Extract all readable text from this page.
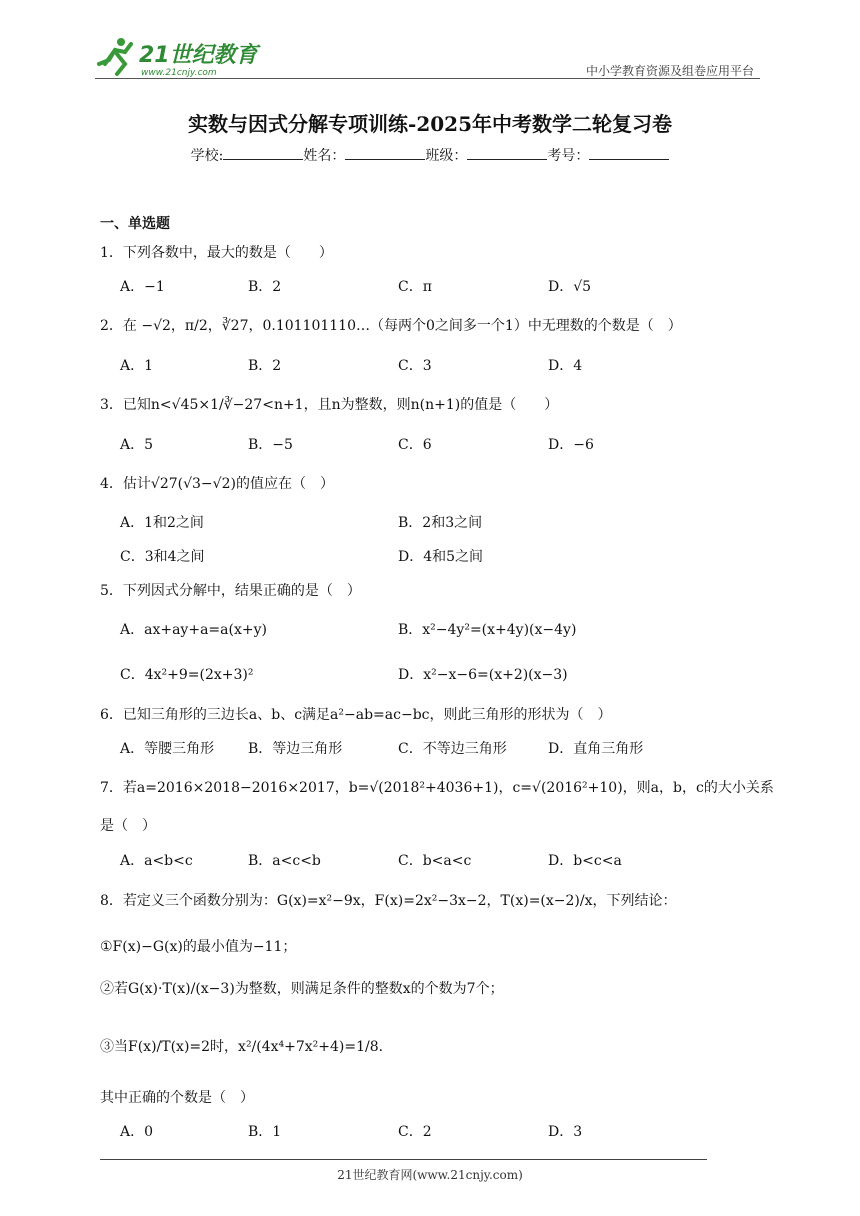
21世纪教育
www.21cnjy.com	中小学教育资源及组卷应用平台
实数与因式分解专项训练-2025年中考数学二轮复习卷
学校:	姓名：	班级：	考号：
一、单选题
1．下列各数中，最大的数是（　　）
A．−1	B．2	C．π	D．√5
2．在 −√2，π/2，∛27，0.101101110…（每两个0之间多一个1）中无理数的个数是（　）
A．1	B．2	C．3	D．4
3．已知n<√45×1/∛−27<n+1，且n为整数，则n(n+1)的值是（　　）
A．5	B．−5	C．6	D．−6
4．估计√27(√3−√2)的值应在（　）
A．1和2之间	B．2和3之间
C．3和4之间	D．4和5之间
5．下列因式分解中，结果正确的是（　）
A．ax+ay+a=a(x+y)	B．x²−4y²=(x+4y)(x−4y)
C．4x²+9=(2x+3)²	D．x²−x−6=(x+2)(x−3)
6．已知三角形的三边长a、b、c满足a²−ab=ac−bc，则此三角形的形状为（　）
A．等腰三角形 B．等边三角形	C．不等边三角形	D．直角三角形
7．若a=2016×2018−2016×2017，b=√(2018²+4036+1)，c=√(2016²+10)，则a，b，c的大小关系
是（　）
A．a<b<c	B．a<c<b	C．b<a<c	D．b<c<a
8．若定义三个函数分别为：G(x)=x²−9x，F(x)=2x²−3x−2，T(x)=(x−2)/x，下列结论：
①F(x)−G(x)的最小值为−11；
②若G(x)·T(x)/(x−3)为整数，则满足条件的整数x的个数为7个；
③当F(x)/T(x)=2时，x²/(4x⁴+7x²+4)=1/8．
其中正确的个数是（　）
A．0	B．1	C．2	D．3
21世纪教育网(www.21cnjy.com)
